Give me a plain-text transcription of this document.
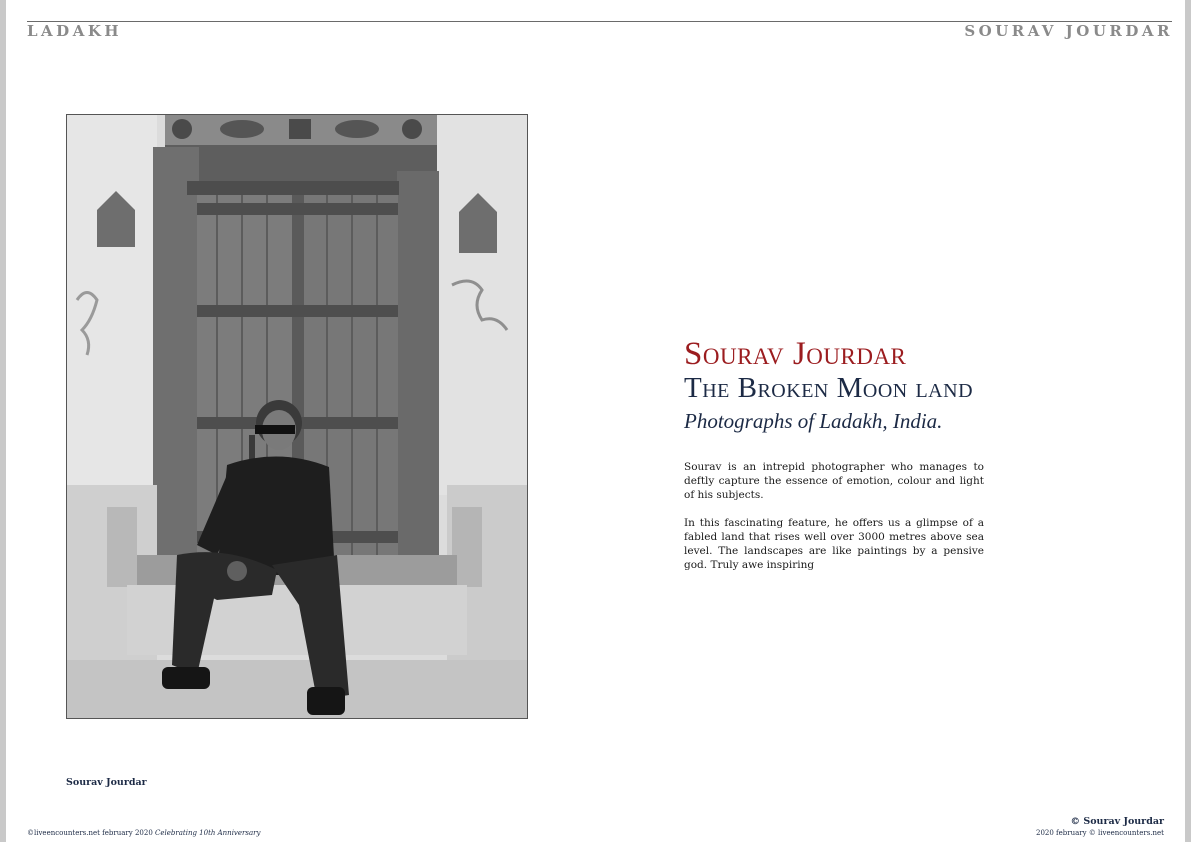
LADAKH	SOURAV JOURDAR
Sourav Jourdar
Sourav Jourdar
The Broken Moon land
Photographs of Ladakh, India.

Sourav is an intrepid photographer who manages to deftly capture the essence of emotion, colour and light of his subjects.

In this fascinating feature, he offers us a glimpse of a fabled land that rises well over 3000 metres above sea level. The landscapes are like paintings by a pensive god. Truly awe inspiring

©liveencounters.net february 2020 Celebrating 10th Anniversary
© Sourav Jourdar
2020 february © liveencounters.net
